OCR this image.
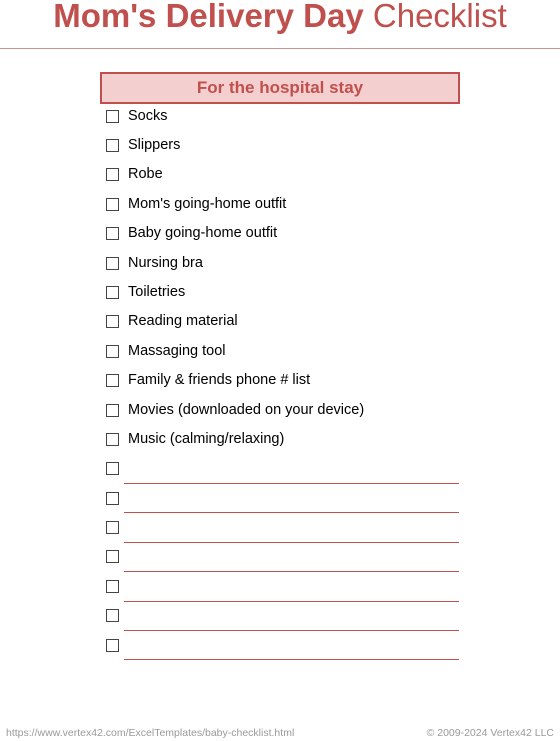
Mom's Delivery Day Checklist
For the hospital stay
Socks
Slippers
Robe
Mom's going-home outfit
Baby going-home outfit
Nursing bra
Toiletries
Reading material
Massaging tool
Family & friends phone # list
Movies (downloaded on your device)
Music (calming/relaxing)
https://www.vertex42.com/ExcelTemplates/baby-checklist.html	© 2009-2024 Vertex42 LLC
